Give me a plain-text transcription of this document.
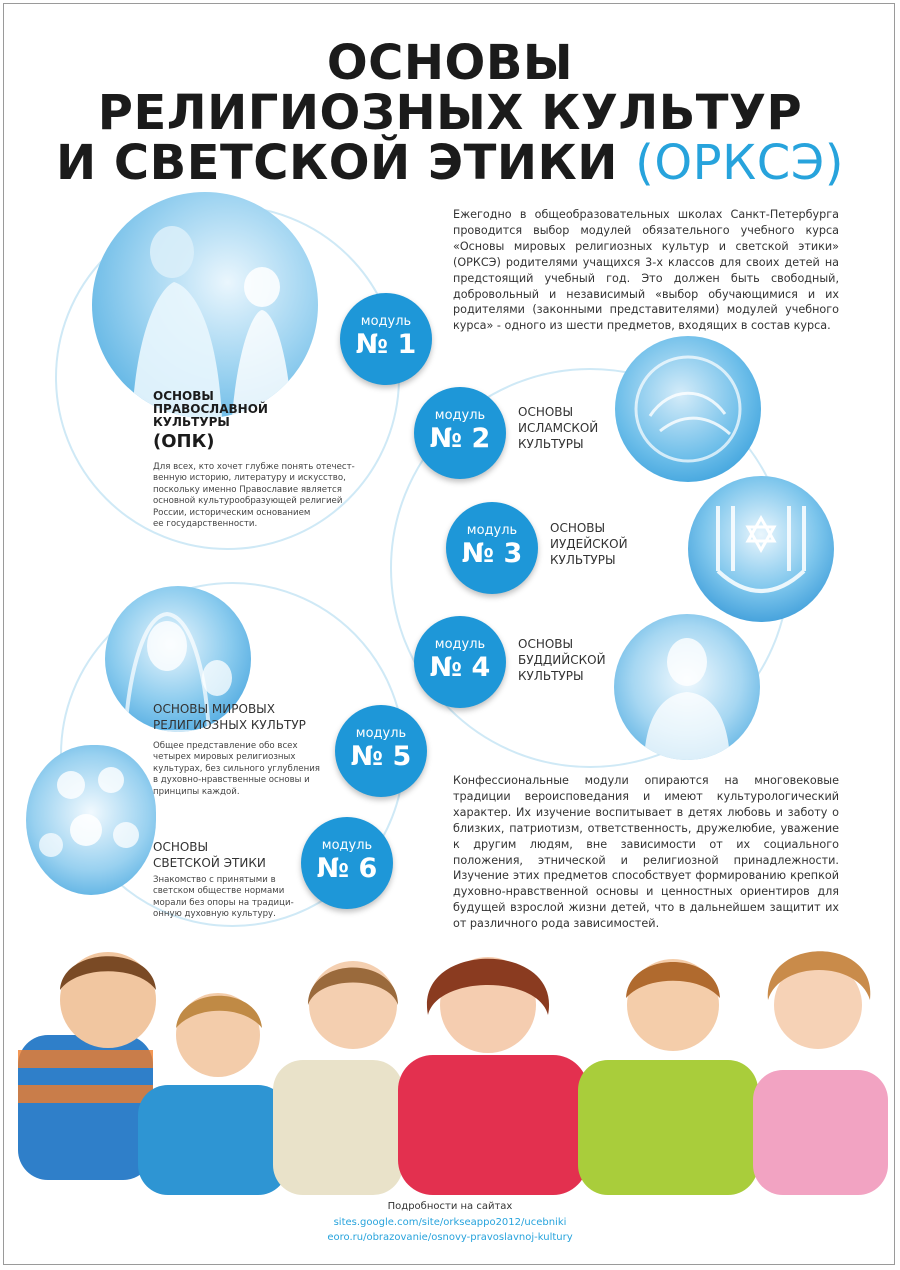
ОСНОВЫ
РЕЛИГИОЗНЫХ КУЛЬТУР
И СВЕТСКОЙ ЭТИКИ (ОРКСЭ)
Ежегодно в общеобразовательных школах Санкт-Петербурга проводится выбор модулей обязательного учебного курса «Основы мировых религиозных культур и светской этики» (ОРКСЭ) родителями учащихся 3-х классов для своих детей на предстоящий учебный год. Это должен быть свободный, добровольный и независимый «выбор обучающимися и их родителями (законными представителями) модулей учебного курса» - одного из шести предметов, входящих в состав курса.
модуль
№ 1
ОСНОВЫ
ПРАВОСЛАВНОЙ
КУЛЬТУРЫ
(ОПК)
Для всех, кто хочет глубже понять отечест-
венную историю, литературу и искусство,
поскольку именно Православие является
основной культурообразующей религией
России, историческим основанием
ее государственности.
модуль
№ 2
ОСНОВЫ
ИСЛАМСКОЙ
КУЛЬТУРЫ
модуль
№ 3
ОСНОВЫ
ИУДЕЙСКОЙ
КУЛЬТУРЫ
модуль
№ 4
ОСНОВЫ
БУДДИЙСКОЙ
КУЛЬТУРЫ
модуль
№ 5
ОСНОВЫ МИРОВЫХ
РЕЛИГИОЗНЫХ КУЛЬТУР
Общее представление обо всех
четырех мировых религиозных
культурах, без сильного углубления
в духовно-нравственные основы и
принципы каждой.
модуль
№ 6
ОСНОВЫ
СВЕТСКОЙ ЭТИКИ
Знакомство с принятыми в
светском обществе нормами
морали без опоры на традици-
онную духовную культуру.
Конфессиональные модули опираются на многовековые традиции вероисповедания и имеют культурологический характер. Их изучение воспитывает в детях любовь и заботу о близких, патриотизм, ответственность, дружелюбие, уважение к другим людям, вне зависимости от их социального положения, этнической и религиозной принадлежности. Изучение этих предметов способствует формированию крепкой духовно-нравственной основы и ценностных ориентиров для будущей взрослой жизни детей, что в дальнейшем защитит их от различного рода зависимостей.
Подробности на сайтах
sites.google.com/site/orkseappo2012/ucebniki
eoro.ru/obrazovanie/osnovy-pravoslavnoj-kultury
